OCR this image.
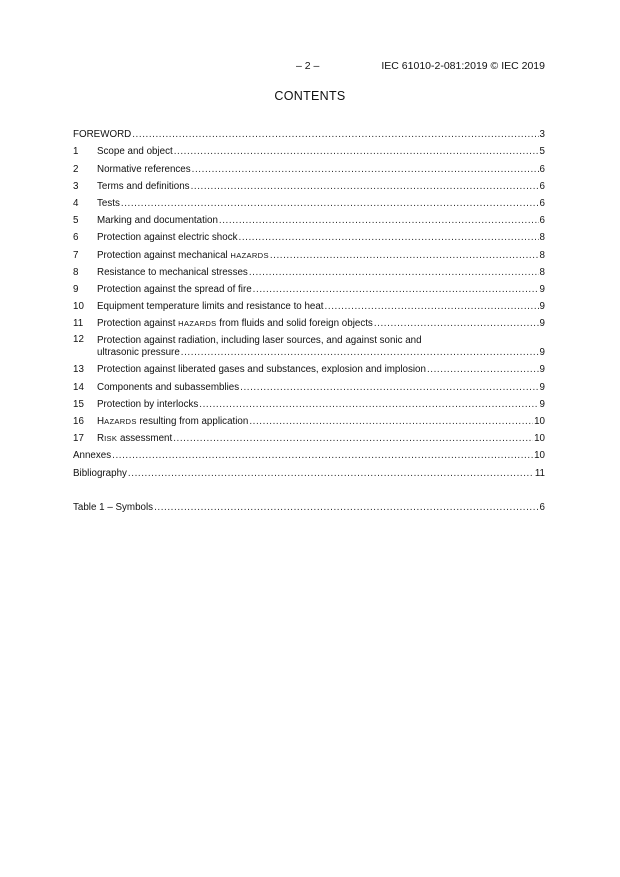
– 2 –	IEC 61010-2-081:2019 © IEC 2019
CONTENTS
FOREWORD .....	3
1	Scope and object .....	5
2	Normative references .....	6
3	Terms and definitions .....	6
4	Tests .....	6
5	Marking and documentation .....	6
6	Protection against electric shock .....	8
7	Protection against mechanical HAZARDS .....	8
8	Resistance to mechanical stresses .....	8
9	Protection against the spread of fire .....	9
10	Equipment temperature limits and resistance to heat .....	9
11	Protection against HAZARDS from fluids and solid foreign objects .....	9
12	Protection against radiation, including laser sources, and against sonic and
ultrasonic pressure .....	9
13	Protection against liberated gases and substances, explosion and implosion .....	9
14	Components and subassemblies .....	9
15	Protection by interlocks .....	9
16	HAZARDS resulting from application .....	10
17	RISK assessment .....	10
Annexes .....	10
Bibliography .....	11
Table 1 – Symbols .....	6
